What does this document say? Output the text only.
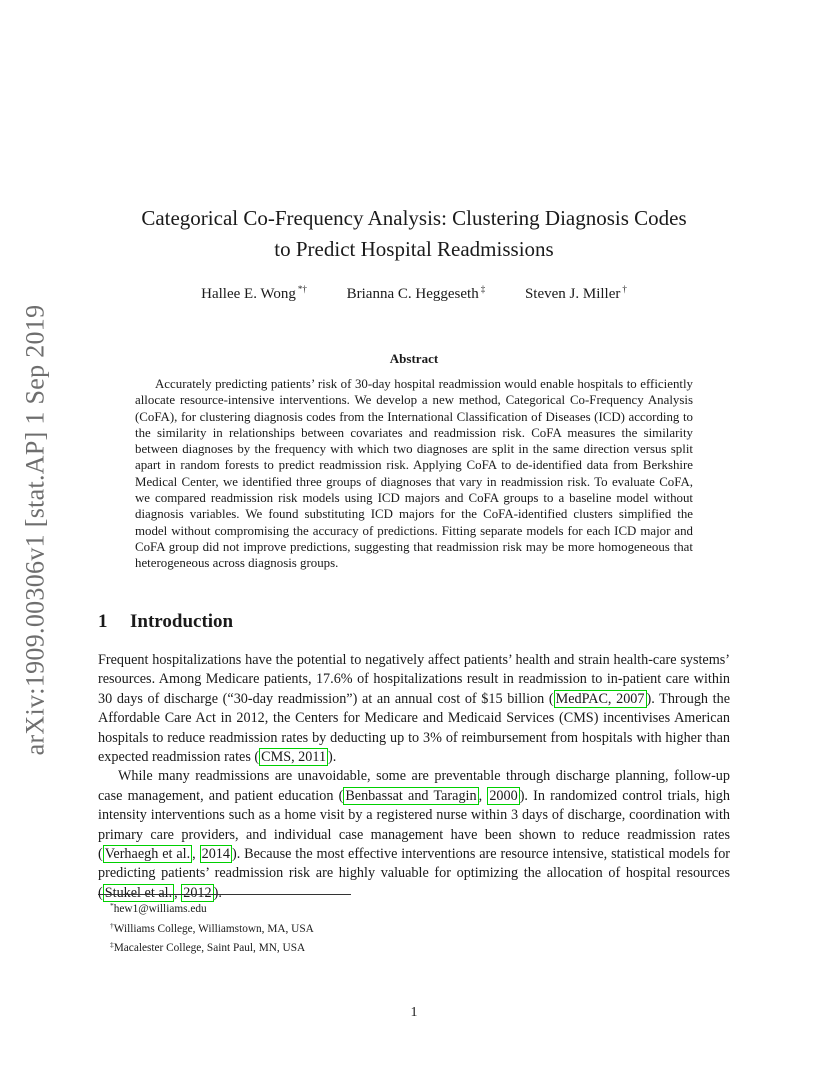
arXiv:1909.00306v1 [stat.AP] 1 Sep 2019
Categorical Co-Frequency Analysis: Clustering Diagnosis Codes
to Predict Hospital Readmissions
Hallee E. Wong *†	Brianna C. Heggeseth ‡	Steven J. Miller †
Abstract

Accurately predicting patients’ risk of 30-day hospital readmission would enable hospitals to efficiently allocate resource-intensive interventions. We develop a new method, Categorical Co-Frequency Analysis (CoFA), for clustering diagnosis codes from the International Classification of Diseases (ICD) according to the similarity in relationships between covariates and readmission risk. CoFA measures the similarity between diagnoses by the frequency with which two diagnoses are split in the same direction versus split apart in random forests to predict readmission risk. Applying CoFA to de-identified data from Berkshire Medical Center, we identified three groups of diagnoses that vary in readmission risk. To evaluate CoFA, we compared readmission risk models using ICD majors and CoFA groups to a baseline model without diagnosis variables. We found substituting ICD majors for the CoFA-identified clusters simplified the model without compromising the accuracy of predictions. Fitting separate models for each ICD major and CoFA group did not improve predictions, suggesting that readmission risk may be more homogeneous that heterogeneous across diagnosis groups.

1 Introduction

Frequent hospitalizations have the potential to negatively affect patients’ health and strain health-care systems’ resources. Among Medicare patients, 17.6% of hospitalizations result in readmission to in-patient care within 30 days of discharge (“30-day readmission”) at an annual cost of $15 billion ( MedPAC, 2007 ). Through the Affordable Care Act in 2012, the Centers for Medicare and Medicaid Services (CMS) incentivises American hospitals to reduce readmission rates by deducting up to 3% of reimbursement from hospitals with higher than expected readmission rates ( CMS, 2011 ).

While many readmissions are unavoidable, some are preventable through discharge planning, follow-up case management, and patient education ( Benbassat and Taragin , 2000 ). In randomized control trials, high intensity interventions such as a home visit by a registered nurse within 3 days of discharge, coordination with primary care providers, and individual case management have been shown to reduce readmission rates ( Verhaegh et al. , 2014 ). Because the most effective interventions are resource intensive, statistical models for predicting patients’ readmission risk are highly valuable for optimizing the allocation of hospital resources ( Stukel et al. , 2012 ).

*hew1@williams.edu
†Williams College, Williamstown, MA, USA
‡Macalester College, Saint Paul, MN, USA
1
